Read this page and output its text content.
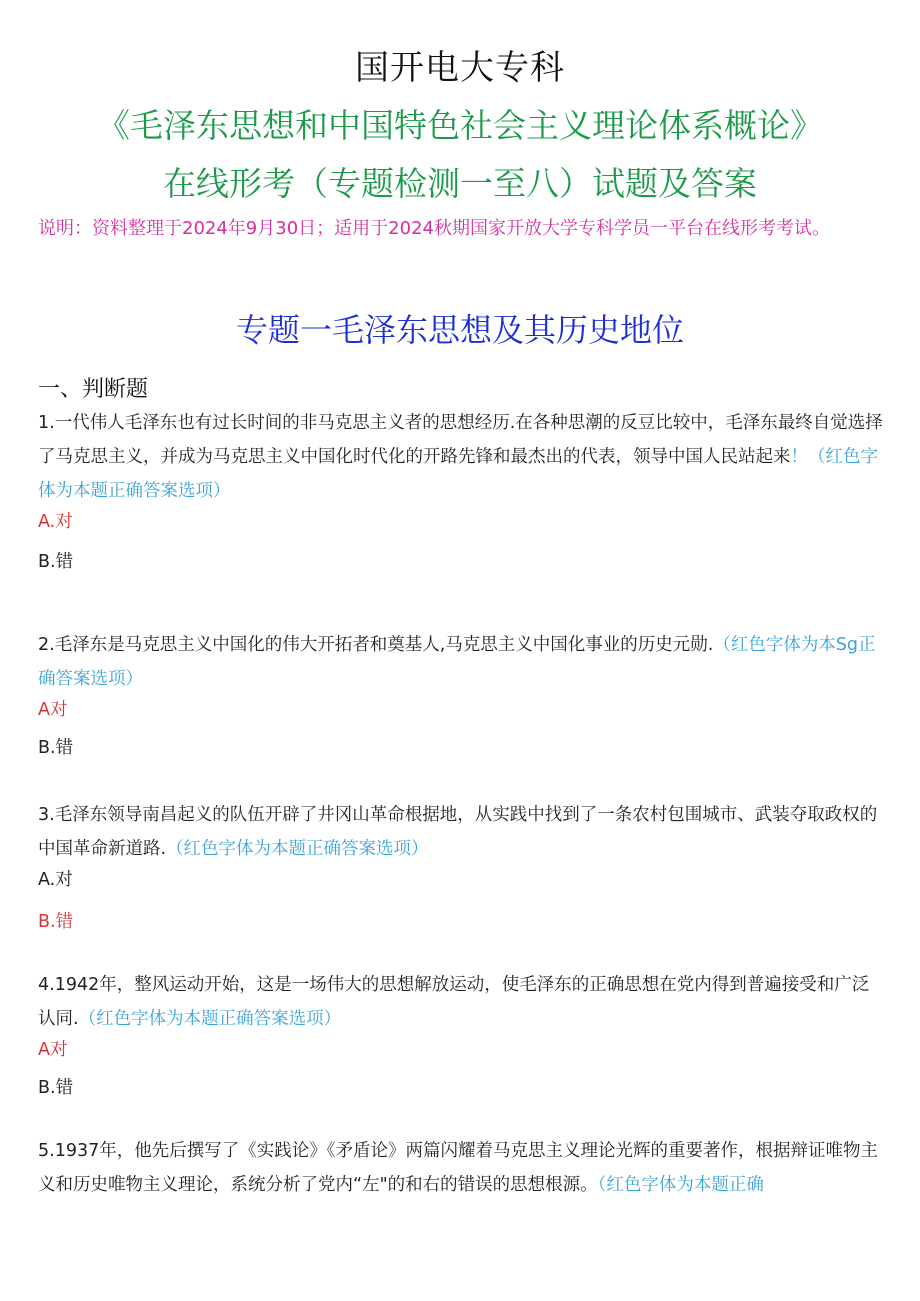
国开电大专科
《毛泽东思想和中国特色社会主义理论体系概论》
在线形考（专题检测一至八）试题及答案
说明：资料整理于2024年9月30日；适用于2024秋期国家开放大学专科学员一平台在线形考考试。
专题一毛泽东思想及其历史地位
一、判断题

1.一代伟人毛泽东也有过长时间的非马克思主义者的思想经历.在各种思潮的反豆比较中，毛泽东最终自觉选择了马克思主义，并成为马克思主义中国化时代化的开路先锋和最杰出的代表，领导中国人民站起来！（红色字体为本题正确答案选项）

A.对

B.错

2.毛泽东是马克思主义中国化的伟大开拓者和奠基人,马克思主义中国化事业的历史元勋.（红色字体为本Sg正确答案选项）

A对

B.错

3.毛泽东领导南昌起义的队伍开辟了井冈山革命根据地，从实践中找到了一条农村包围城市、武装夺取政权的中国革命新道路.（红色字体为本题正确答案选项）

A.对

B.错

4.1942年，整风运动开始，这是一场伟大的思想解放运动，使毛泽东的正确思想在党内得到普遍接受和广泛认同.（红色字体为本题正确答案选项）

A对

B.错

5.1937年，他先后撰写了《实践论》《矛盾论》两篇闪耀着马克思主义理论光辉的重要著作，根据辩证唯物主义和历史唯物主义理论，系统分析了党内“左"的和右的错误的思想根源。（红色字体为本题正确
